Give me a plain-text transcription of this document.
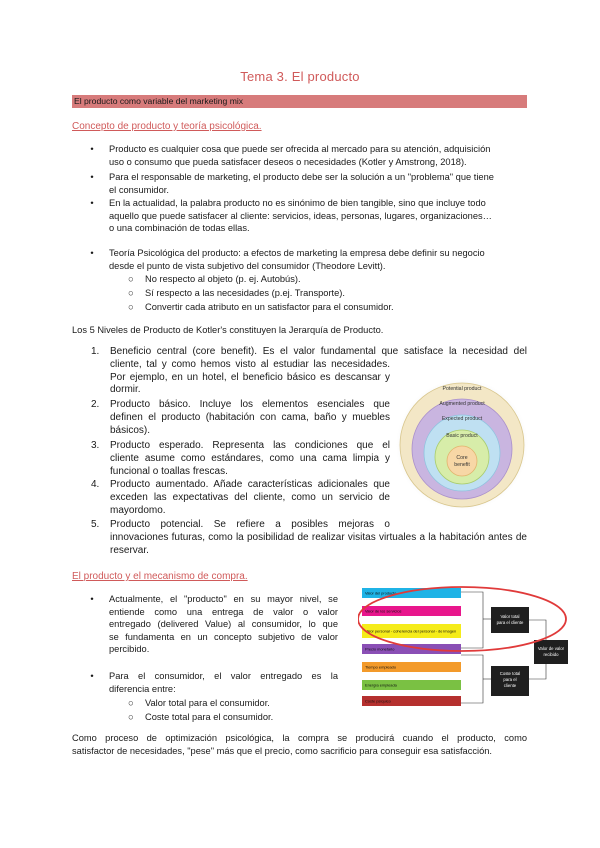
Tema 3. El producto
El producto como variable del marketing mix
Concepto de producto y teoría psicológica.
• Producto es cualquier cosa que puede ser ofrecida al mercado para su atención, adquisición

uso o consumo que pueda satisfacer deseos o necesidades (Kotler y Amstrong, 2018).

• Para el responsable de marketing, el producto debe ser la solución a un "problema" que tiene

el consumidor.

• En la actualidad, la palabra producto no es sinónimo de bien tangible, sino que incluye todo

aquello que puede satisfacer al cliente: servicios, ideas, personas, lugares, organizaciones…

o una combinación de todas ellas.

• Teoría Psicológica del producto: a efectos de marketing la empresa debe definir su negocio

desde el punto de vista subjetivo del consumidor (Theodore Levitt).

○ No respecto al objeto (p. ej. Autobús).
○ Sí respecto a las necesidades (p.ej. Transporte).
○ Convertir cada atributo en un satisfactor para el consumidor.
Los 5 Niveles de Producto de Kotler's constituyen la Jerarquía de Producto.
1.	Beneficio central (core benefit). Es el valor fundamental que satisface la necesidad del

cliente, tal y como hemos visto al estudiar las necesidades.

Por ejemplo, en un hotel, el beneficio básico es descansar y

dormir.

2.	Producto básico. Incluye los elementos esenciales que

definen el producto (habitación con cama, baño y muebles

básicos).

3.	Producto esperado. Representa las condiciones que el

cliente asume como estándares, como una cama limpia y

funcional o toallas frescas.

4.	Producto aumentado. Añade características adicionales que

exceden las expectativas del cliente, como un servicio de

mayordomo.

5.	Producto potencial. Se refiere a posibles mejoras o

innovaciones futuras, como la posibilidad de realizar visitas virtuales a la habitación antes de

reservar.

Potential product
Augmented product
Expected product
Basic product
Core
benefit
El producto y el mecanismo de compra.
• Actualmente, el "producto" en su mayor nivel, se

entiende como una entrega de valor o valor

entregado (delivered Value) al consumidor, lo que

se fundamenta en un concepto subjetivo de valor

percibido.

• Para el consumidor, el valor entregado es la

diferencia entre:

○ Valor total para el consumidor.
○ Coste total para el consumidor.
Valor del producto
Valor de los servicios
Valor personal - coherencia del personal - de imagen
Precio monetario
Tiempo empleado
Energía empleada
Coste psíquico
Valor total
para el cliente
Valor de valor
recibido
Coste total
para el
cliente

Como proceso de optimización psicológica, la compra se producirá cuando el producto, como

satisfactor de necesidades, "pese" más que el precio, como sacrificio para conseguir esa satisfacción.
